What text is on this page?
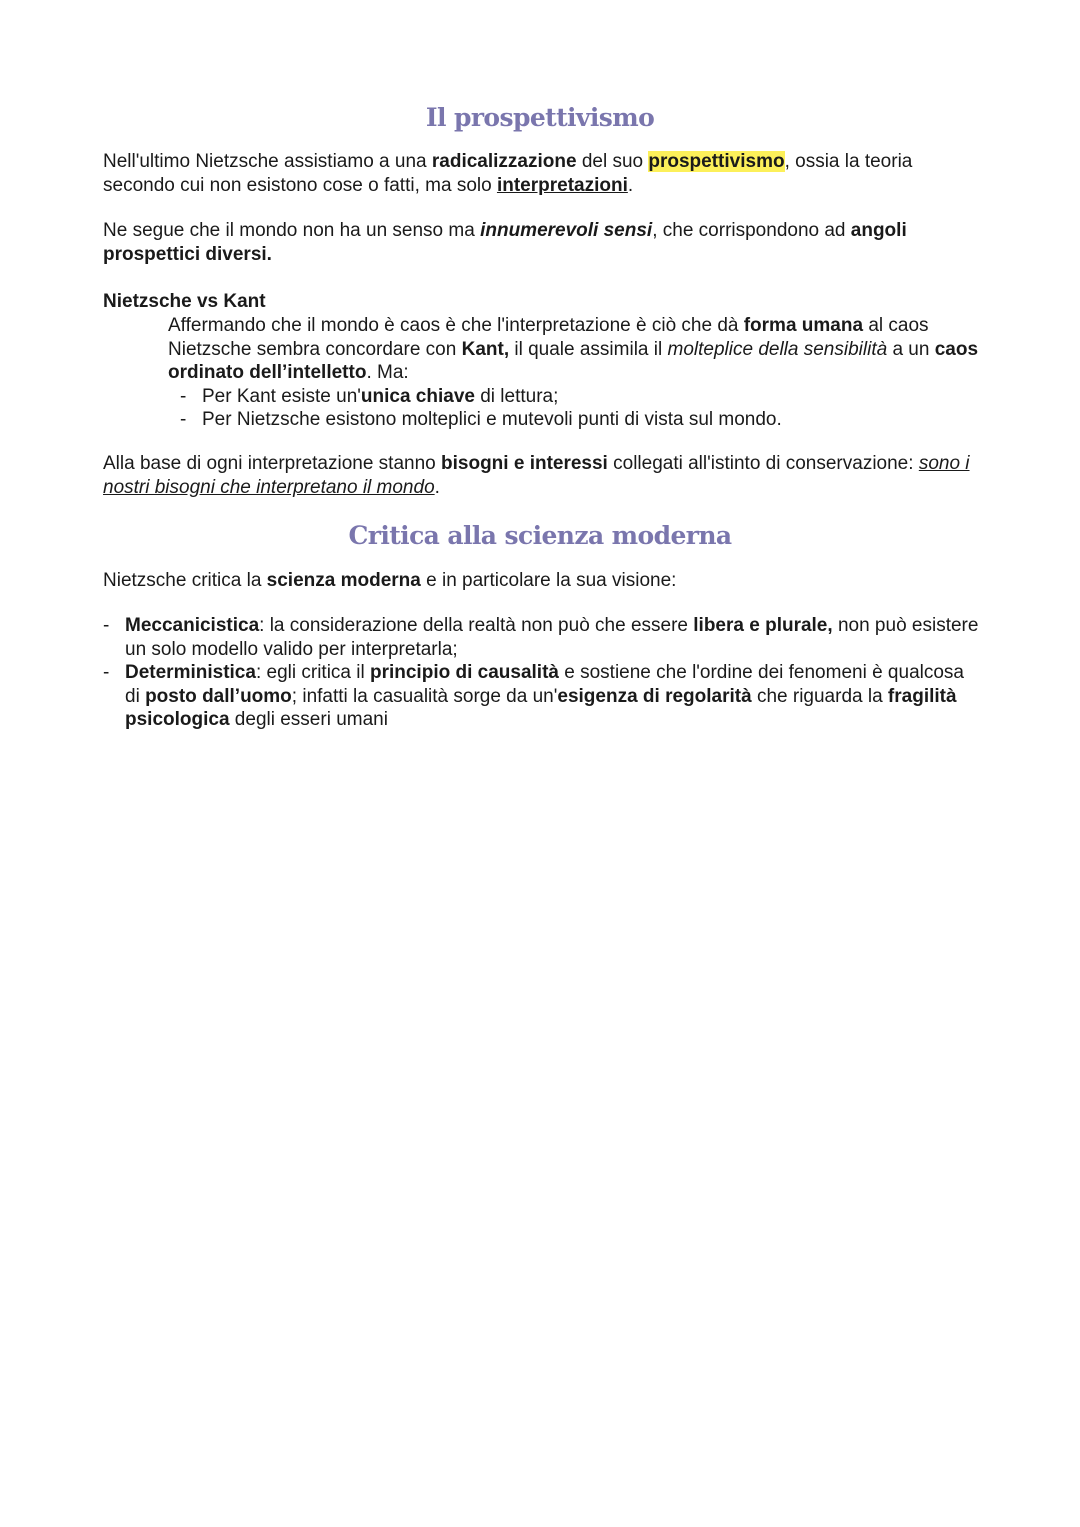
Il prospettivismo

Nell'ultimo Nietzsche assistiamo a una radicalizzazione del suo prospettivismo, ossia la teoria secondo cui non esistono cose o fatti, ma solo interpretazioni.

Ne segue che il mondo non ha un senso ma innumerevoli sensi, che corrispondono ad angoli prospettici diversi.

Nietzsche vs Kant
Affermando che il mondo è caos è che l'interpretazione è ciò che dà forma umana al caos Nietzsche sembra concordare con Kant, il quale assimila il molteplice della sensibilità a un caos ordinato dell’intelletto. Ma:
- Per Kant esiste un'unica chiave di lettura;
- Per Nietzsche esistono molteplici e mutevoli punti di vista sul mondo.

Alla base di ogni interpretazione stanno bisogni e interessi collegati all'istinto di conservazione: sono i nostri bisogni che interpretano il mondo.

Critica alla scienza moderna

Nietzsche critica la scienza moderna e in particolare la sua visione:

- Meccanicistica: la considerazione della realtà non può che essere libera e plurale, non può esistere un solo modello valido per interpretarla;
- Deterministica: egli critica il principio di causalità e sostiene che l'ordine dei fenomeni è qualcosa di posto dall’uomo; infatti la casualità sorge da un'esigenza di regolarità che riguarda la fragilità psicologica degli esseri umani
